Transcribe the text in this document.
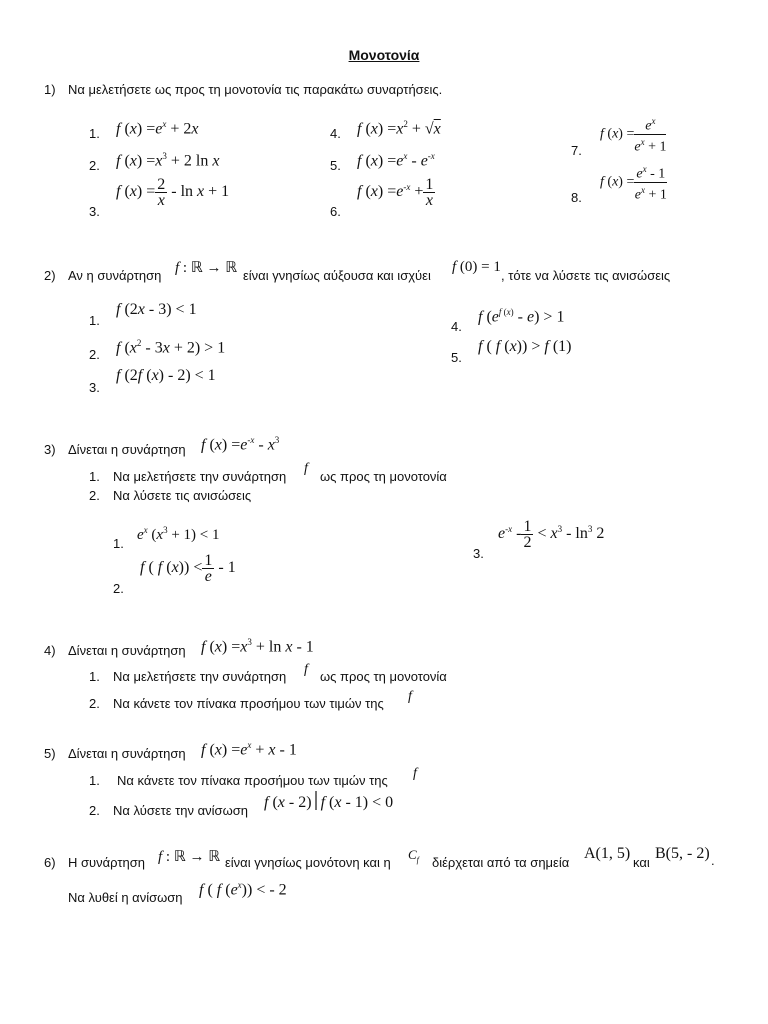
Μονοτονία
1) Να μελετήσετε ως προς τη μονοτονία τις παρακάτω συναρτήσεις.
1. f $(x) =e^x + 2x$
2. f $(x) =x^3 + 2$ ln x
3.
f $(x) = \frac{2}{x} - \ln x + 1$
4. f $(x) =x^2 + √x$
5. f $(x) =e^x - e^{-x}$
6.
f $(x) =e^{-x} + \frac{1}{x}$
7.
f $(x) = \frac{e^x}{e^x + 1}$
8.
f $(x) = \frac{e^x - 1}{e^x + 1}$
2) Αν η συνάρτηση f : ℝ → ℝ είναι γνησίως αύξουσα και ισχύει
f (0) = 1
, τότε να λύσετε τις ανισώσεις
1.
f (2x - 3) < 1
2. f $(x^2 - 3x + 2) > 1$
3.
f (2f (x) - 2) < 1
4.
f $(e^{f (x)} - e) > 1$
5.
f ( f (x)) > f (1)
3) Δίνεται η συνάρτηση f $(x) =e^{-x} - x^3$
1. Να μελετήσετε την συνάρτηση
f
ως προς τη μονοτονία
2. Να λύσετε τις ανισώσεις
1.
$e^x$ $(x^3 + 1) < 1$
2.
f ( f $(x)) < \frac{1}{e} - 1$
3.
$e^{-x} - \frac{1}{2} < x^3 - \ln^3 2$
4) Δίνεται η συνάρτηση f $(x) =x^3 + \ln x - 1$
1. Να μελετήσετε την συνάρτηση f ως προς τη μονοτονία
2. Να κάνετε τον πίνακα προσήμου των τιμών της f
5) Δίνεται η συνάρτηση f $(x) =e^x + x - 1$
1. Να κάνετε τον πίνακα προσήμου των τιμών της f
2. Να λύσετε την ανίσωση f (x - 2)׀f (x - 1) < 0
6) Η συνάρτηση f : ℝ → ℝ είναι γνησίως μονότονη και η
$C_f$ διέρχεται από τα σημεία
A(1, 5)
και
B(5, - 2) .
Να λυθεί η ανίσωση f ( f $(e^x)$) < - 2
